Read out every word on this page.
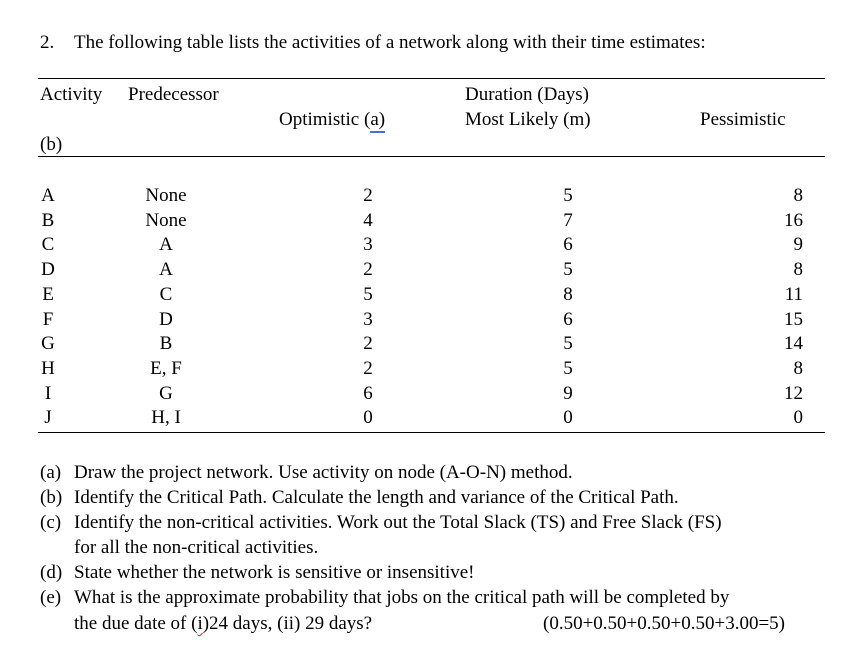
2. The following table lists the activities of a network along with their time estimates:
Activity Predecessor	Duration (Days)
Optimistic (a)	Most Likely (m)	Pessimistic
(b)
A	None	2	5	8
B	None	4	7	16
C	A	3	6	9
D	A	2	5	8
E	C	5	8	11
F	D	3	6	15
G	B	2	5	14
H	E, F	2	5	8
I	G	6	9	12
J	H, I	0	0	0
(a) Draw the project network. Use activity on node (A-O-N) method.
(b) Identify the Critical Path. Calculate the length and variance of the Critical Path.
(c) Identify the non-critical activities. Work out the Total Slack (TS) and Free Slack (FS)
for all the non-critical activities.
(d) State whether the network is sensitive or insensitive!
(e) What is the approximate probability that jobs on the critical path will be completed by
the due date of (i)24 days, (ii) 29 days?	(0.50+0.50+0.50+0.50+3.00=5)
